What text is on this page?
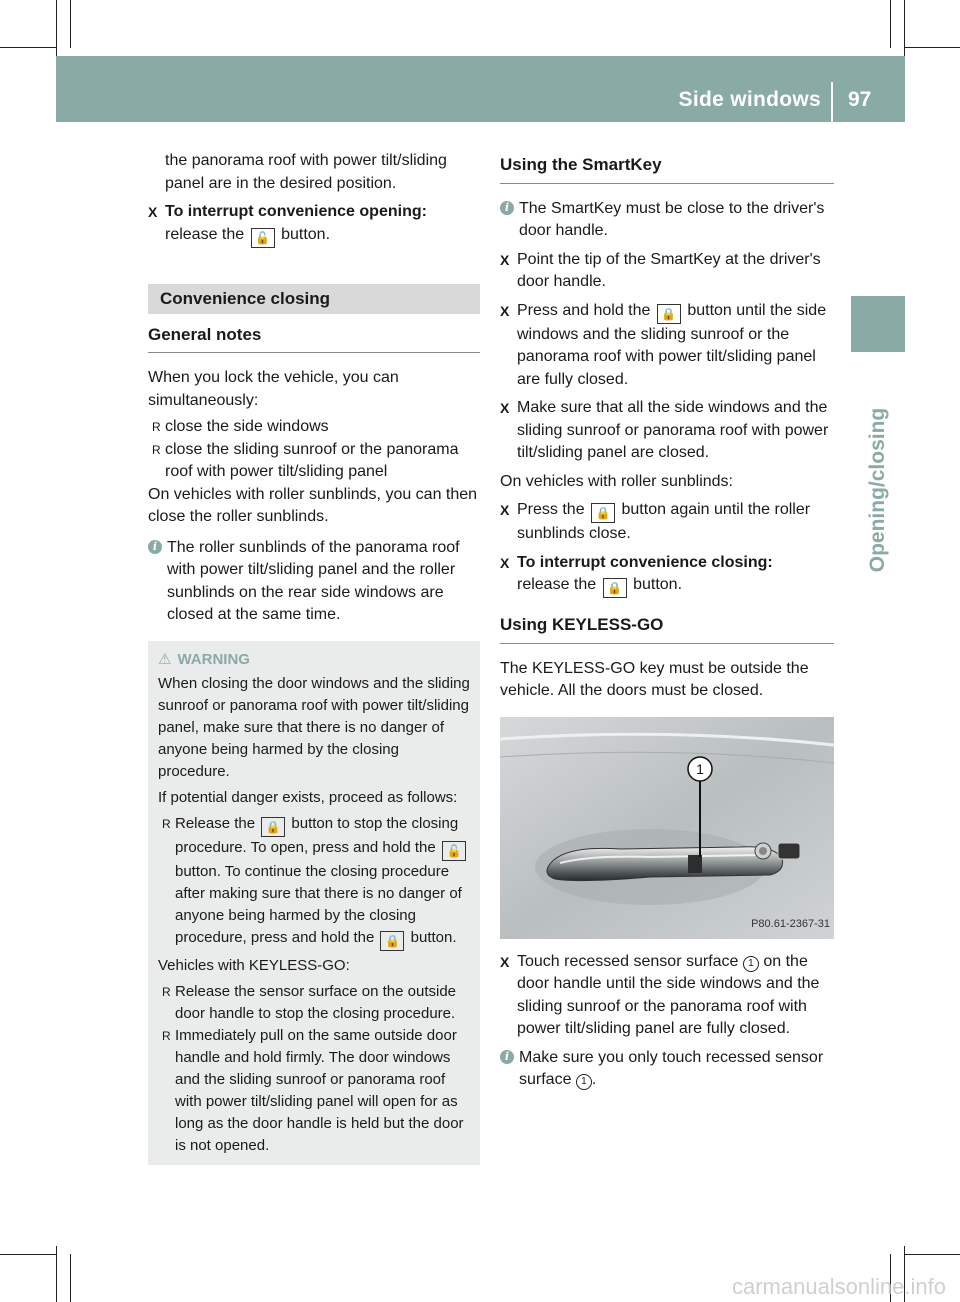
Side windows 97
Opening/closing

the panorama roof with power tilt/sliding panel are in the desired position.

X To interrupt convenience opening:
release the 🔓 button.
Convenience closing
General notes

When you lock the vehicle, you can simultaneously:

R close the side windows
R close the sliding sunroof or the panorama roof with power tilt/sliding panel

On vehicles with roller sunblinds, you can then close the roller sunblinds.

i The roller sunblinds of the panorama roof with power tilt/sliding panel and the roller sunblinds on the rear side windows are closed at the same time.
⚠ WARNING

When closing the door windows and the sliding sunroof or panorama roof with power tilt/sliding panel, make sure that there is no danger of anyone being harmed by the closing procedure.

If potential danger exists, proceed as follows:

R Release the 🔒 button to stop the closing procedure. To open, press and hold the 🔓 button. To continue the closing procedure after making sure that there is no danger of anyone being harmed by the closing procedure, press and hold the 🔒 button.

Vehicles with KEYLESS-GO:

R Release the sensor surface on the outside door handle to stop the closing procedure.
R Immediately pull on the same outside door handle and hold firmly. The door windows and the sliding sunroof or panorama roof with power tilt/sliding panel will open for as long as the door handle is held but the door is not opened.
Using the SmartKey
i The SmartKey must be close to the driver's door handle.
X Point the tip of the SmartKey at the driver's door handle.
X Press and hold the 🔒 button until the side windows and the sliding sunroof or the panorama roof with power tilt/sliding panel are fully closed.
X Make sure that all the side windows and the sliding sunroof or panorama roof with power tilt/sliding panel are closed.

On vehicles with roller sunblinds:

X Press the 🔒 button again until the roller sunblinds close.
X To interrupt convenience closing:
release the 🔒 button.
Using KEYLESS-GO

The KEYLESS-GO key must be outside the vehicle. All the doors must be closed.

1
P80.61-2367-31
X Touch recessed sensor surface 1 on the door handle until the side windows and the sliding sunroof or the panorama roof with power tilt/sliding panel are fully closed.
i Make sure you only touch recessed sensor surface 1 .
carmanualsonline.info
